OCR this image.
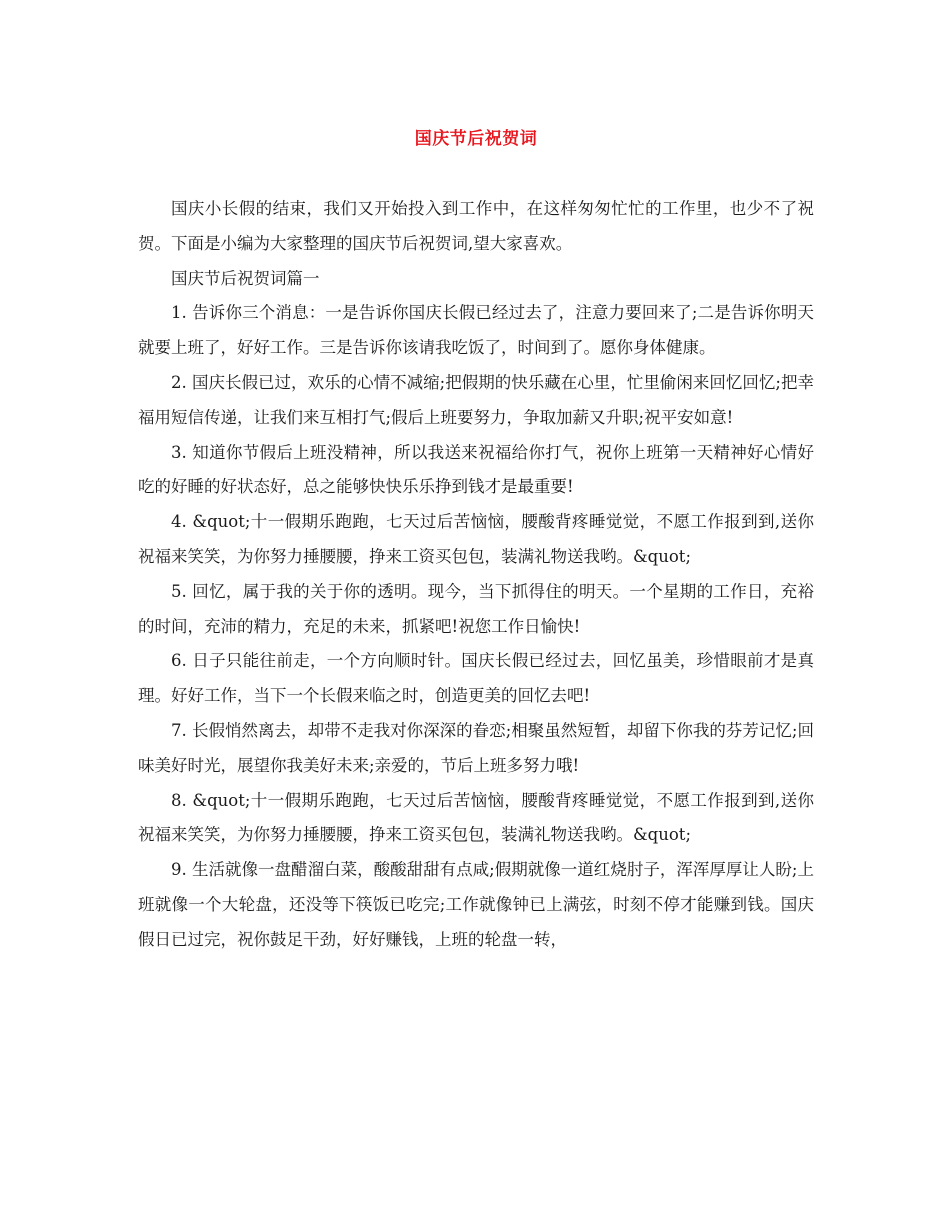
国庆节后祝贺词

国庆小长假的结束，我们又开始投入到工作中，在这样匆匆忙忙的工作里，也少不了祝贺。下面是小编为大家整理的国庆节后祝贺词,望大家喜欢。

国庆节后祝贺词篇一

1. 告诉你三个消息：一是告诉你国庆长假已经过去了，注意力要回来了;二是告诉你明天就要上班了，好好工作。三是告诉你该请我吃饭了，时间到了。愿你身体健康。

2. 国庆长假已过，欢乐的心情不减缩;把假期的快乐藏在心里，忙里偷闲来回忆回忆;把幸福用短信传递，让我们来互相打气;假后上班要努力，争取加薪又升职;祝平安如意!

3. 知道你节假后上班没精神，所以我送来祝福给你打气，祝你上班第一天精神好心情好吃的好睡的好状态好，总之能够快快乐乐挣到钱才是最重要!

4. &quot;十一假期乐跑跑，七天过后苦恼恼，腰酸背疼睡觉觉，不愿工作报到到,送你祝福来笑笑，为你努力捶腰腰，挣来工资买包包，装满礼物送我哟。&quot;

5. 回忆，属于我的关于你的透明。现今，当下抓得住的明天。一个星期的工作日，充裕的时间，充沛的精力，充足的未来，抓紧吧!祝您工作日愉快!

6. 日子只能往前走，一个方向顺时针。国庆长假已经过去，回忆虽美，珍惜眼前才是真理。好好工作，当下一个长假来临之时，创造更美的回忆去吧!

7. 长假悄然离去，却带不走我对你深深的眷恋;相聚虽然短暂，却留下你我的芬芳记忆;回味美好时光，展望你我美好未来;亲爱的，节后上班多努力哦!

8. &quot;十一假期乐跑跑，七天过后苦恼恼，腰酸背疼睡觉觉，不愿工作报到到,送你祝福来笑笑，为你努力捶腰腰，挣来工资买包包，装满礼物送我哟。&quot;

9. 生活就像一盘醋溜白菜，酸酸甜甜有点咸;假期就像一道红烧肘子，浑浑厚厚让人盼;上班就像一个大轮盘，还没等下筷饭已吃完;工作就像钟已上满弦，时刻不停才能赚到钱。国庆假日已过完，祝你鼓足干劲，好好赚钱，上班的轮盘一转，
